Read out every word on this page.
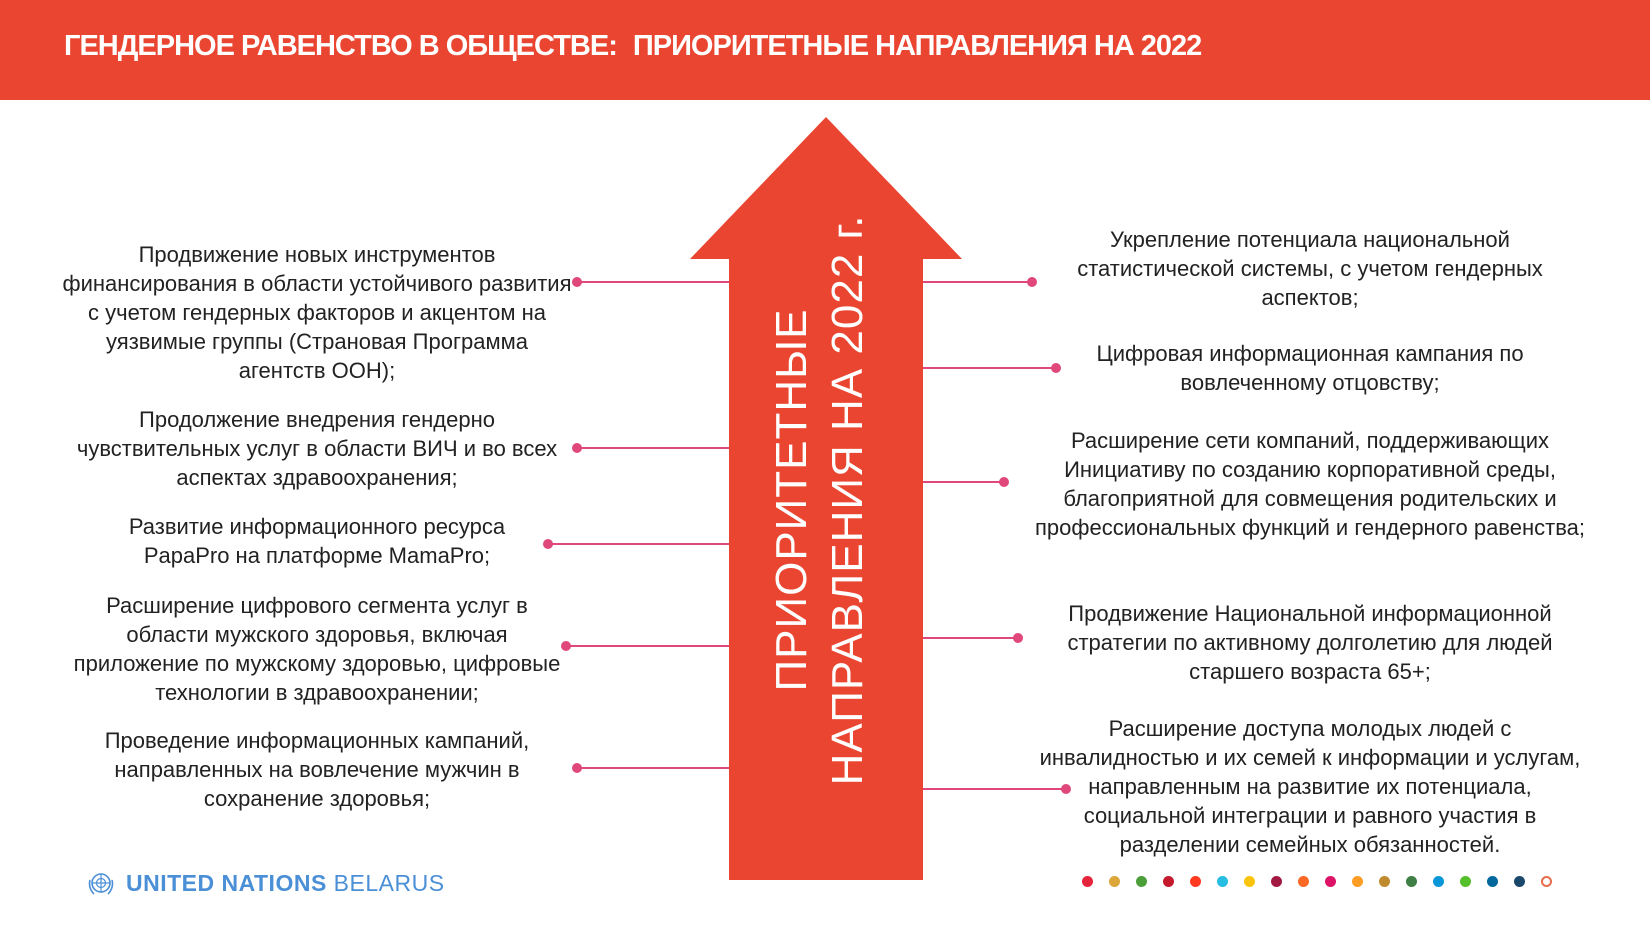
ГЕНДЕРНОЕ РАВЕНСТВО В ОБЩЕСТВЕ: ПРИОРИТЕТНЫЕ НАПРАВЛЕНИЯ НА 2022
ПРИОРИТЕТНЫЕ НАПРАВЛЕНИЯ НА 2022 г.
Продвижение новых инструментов финансирования в области устойчивого развития с учетом гендерных факторов и акцентом на уязвимые группы (Страновая Программа агентств ООН);
Продолжение внедрения гендерно чувствительных услуг в области ВИЧ и во всех аспектах здравоохранения;
Развитие информационного ресурса PapaPro на платформе MamaPro;
Расширение цифрового сегмента услуг в области мужского здоровья, включая приложение по мужскому здоровью, цифровые технологии в здравоохранении;
Проведение информационных кампаний, направленных на вовлечение мужчин в сохранение здоровья;
Укрепление потенциала национальной статистической системы, с учетом гендерных аспектов;
Цифровая информационная кампания по вовлеченному отцовству;
Расширение сети компаний, поддерживающих Инициативу по созданию корпоративной среды, благоприятной для совмещения родительских и профессиональных функций и гендерного равенства;
Продвижение Национальной информационной стратегии по активному долголетию для людей старшего возраста 65+;
Расширение доступа молодых людей с инвалидностью и их семей к информации и услугам, направленным на развитие их потенциала, социальной интеграции и равного участия в разделении семейных обязанностей.
UNITED NATIONS BELARUS
